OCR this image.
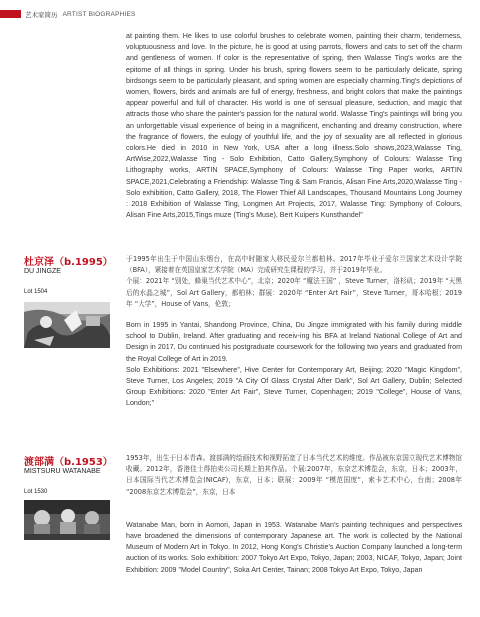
艺术家简历 ARTIST BIOGRAPHIES

at painting them. He likes to use colorful brushes to celebrate women, painting their charm, tenderness, voluptuousness and love. In the picture, he is good at using parrots, flowers and cats to set off the charm and gentleness of women. If color is the representative of spring, then Walasse Ting's works are the epitome of all things in spring. Under his brush, spring flowers seem to be particularly delicate, spring birdsongs seem to be particularly pleasant, and spring women are especially charming.Ting's depictions of women, flowers, birds and animals are full of energy, freshness, and bright colors that make the paintings appear powerful and full of character. His world is one of sensual pleasure, seduction, and magic that attracts those who share the painter's passion for the natural world. Walasse Ting's paintings will bring you an unforgettable visual experience of being in a magnificent, enchanting and dreamy construction, where the fragrance of flowers, the eulogy of youthful life, and the joy of sexuality are all reflected in glorious colors.He died in 2010 in New York, USA after a long illness.Solo shows,2023,Walasse Ting, ArtWise,2022,Walasse Ting - Solo Exhibition, Catto Gallery,Symphony of Colours: Walasse Ting Lithography works, ARTIN SPACE,Symphony of Colours: Walasse Ting Paper works, ARTIN SPACE,2021,Celebrating a Friendship: Walasse Ting & Sam Francis, Alisan Fine Arts,2020,Walasse Ting - Solo exhibition, Catto Gallery, 2018, The Flower Thief All Landscapes, Thousand Mountains Long Journey : 2018 Exhibition of Walasse Ting, Longmen Art Projects, 2017, Walasse Ting: Symphony of Colours, Alisan Fine Arts,2015,Tings muze (Ting's Muse), Bert Kuipers Kunsthandel"

杜京泽（b.1995）
DU JINGZE
Lot 1504

于1995年出生于中国山东烟台，在高中时随家人移民爱尔兰都柏林。2017年毕业于爱尔兰国家艺术设计学院（BFA），紧接着在英国皇家艺术学院（MA）完成研究生课程的学习，并于2019年毕业。

个展：2021年 “别处，蜂巢当代艺术中心”，北京；2020年 “魔法王国” ，Steve Turner，洛杉矶；2019年 “天黑后的水晶之城”，Sol Art Gallery，都柏林；群展：2020年 “Enter Art Fair”，Steve Turner，哥本哈根；2019年 “大学”，House of Vans，伦敦；

Born in 1995 in Yantai, Shandong Province, China, Du Jingze immigrated with his family during middle school to Dublin, Ireland. After graduating and receiv-ing his BFA at Ireland National College of Art and Design in 2017, Du continued his postgraduate coursework for the following two years and graduated from the Royal College of Art in 2019.

Solo Exhibitions: 2021 "Elsewhere", Hive Center for Contemporary Art, Beijing; 2020 "Magic Kingdom", Steve Turner, Los Angeles; 2019 "A City Of Glass Crystal After Dark", Sol Art Gallery, Dublin; Selected Group Exhibitions: 2020 "Enter Art Fair", Steve Turner, Copenhagen; 2019 "College", House of Vans, London;"

渡部满（b.1953）
MISTSURU WATANABE
Lot 1530

1953年，出生于日本青森。渡部满的绘画技术和视野拓宽了日本当代艺术的维度。作品被东京国立现代艺术博物馆收藏。2012年，香港佳士得拍卖公司长期上拍其作品。个展:2007年，东京艺术博览会，东京，日本；2003年，日本国际当代艺术博览会(NICAF)，东京，日本；联展：2009年 “模范国度”，索卡艺术中心，台南；2008年 “2008东京艺术博览会”，东京，日本

Watanabe Man, born in Aomori, Japan in 1953. Watanabe Man's painting techniques and perspectives have broadened the dimensions of contemporary Japanese art. The work is collected by the National Museum of Modern Art in Tokyo. In 2012, Hong Kong's Christie's Auction Company launched a long-term auction of its works. Solo exhibition: 2007 Tokyo Art Expo, Tokyo, Japan; 2003, NICAF, Tokyo, Japan; Joint Exhibition: 2009 "Model Country", Soka Art Center, Tainan; 2008 Tokyo Art Expo, Tokyo, Japan
